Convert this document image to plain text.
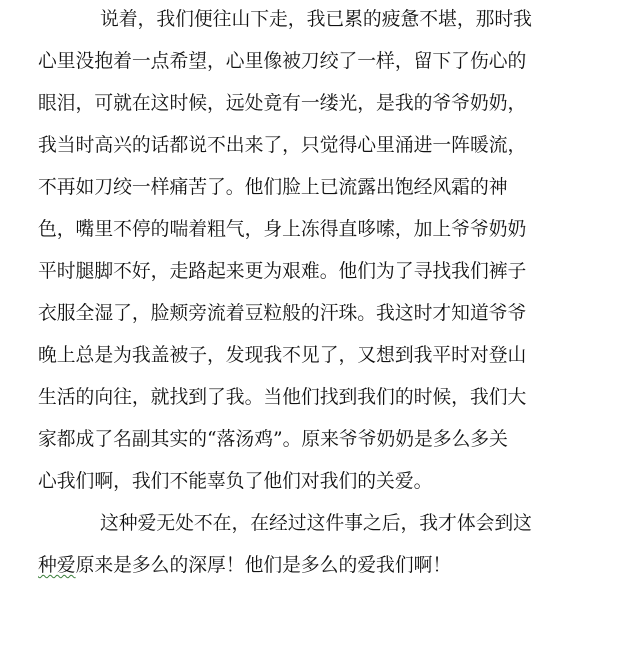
说着，我们便往山下走，我已累的疲惫不堪，那时我
心里没抱着一点希望，心里像被刀绞了一样，留下了伤心的
眼泪，可就在这时候，远处竟有一缕光，是我的爷爷奶奶，
我当时高兴的话都说不出来了，只觉得心里涌进一阵暖流，
不再如刀绞一样痛苦了。他们脸上已流露出饱经风霜的神
色，嘴里不停的喘着粗气，身上冻得直哆嗦，加上爷爷奶奶
平时腿脚不好，走路起来更为艰难。他们为了寻找我们裤子
衣服全湿了，脸颊旁流着豆粒般的汗珠。我这时才知道爷爷
晚上总是为我盖被子，发现我不见了，又想到我平时对登山
生活的向往，就找到了我。当他们找到我们的时候，我们大
家都成了名副其实的“落汤鸡”。原来爷爷奶奶是多么多关
心我们啊，我们不能辜负了他们对我们的关爱。
这种爱无处不在，在经过这件事之后，我才体会到这
种爱原来是多么的深厚！他们是多么的爱我们啊！
